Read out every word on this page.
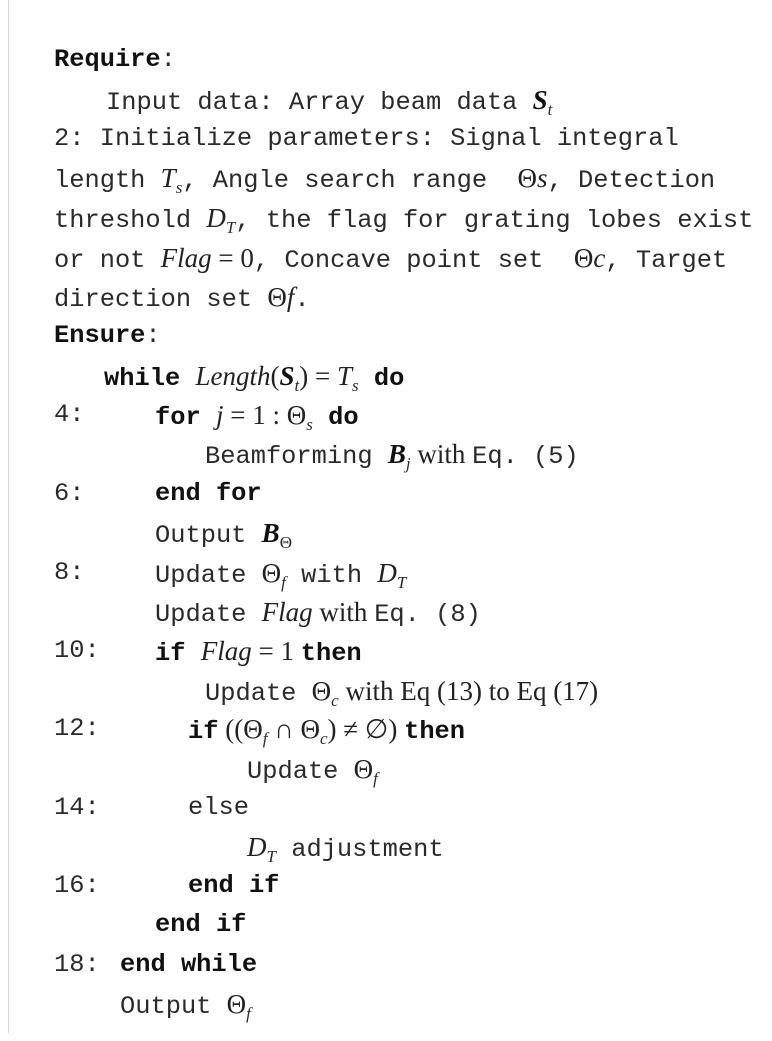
Require:
Input data: Array beam data $S_t$
2: Initialize parameters: Signal integral
length $T_s$, Angle search range  Θs, Detection
threshold $D_T$, the flag for grating lobes exist
or not Flag = 0, Concave point set  Θc, Target
direction set Θf.
Ensure:
while $Length(S_t) = T_s$ do
4:	for j = 1 : $\Theta_s$ do
Beamforming $B_j$ with Eq. (5)
6:	end for
Output $B_\Theta$
8:	Update $\Theta_f$ with $D_T$
Update Flag with Eq. (8)
10: if Flag = 1 then
Update $\Theta_c$ with Eq (13) to Eq (17)
12:	if (($\Theta_f$ ∩ $\Theta_c$) ≠ ∅) then
Update $\Theta_f$
14:	else
$D_T$ adjustment
16:	end if
end if
18: end while
Output $\Theta_f$
